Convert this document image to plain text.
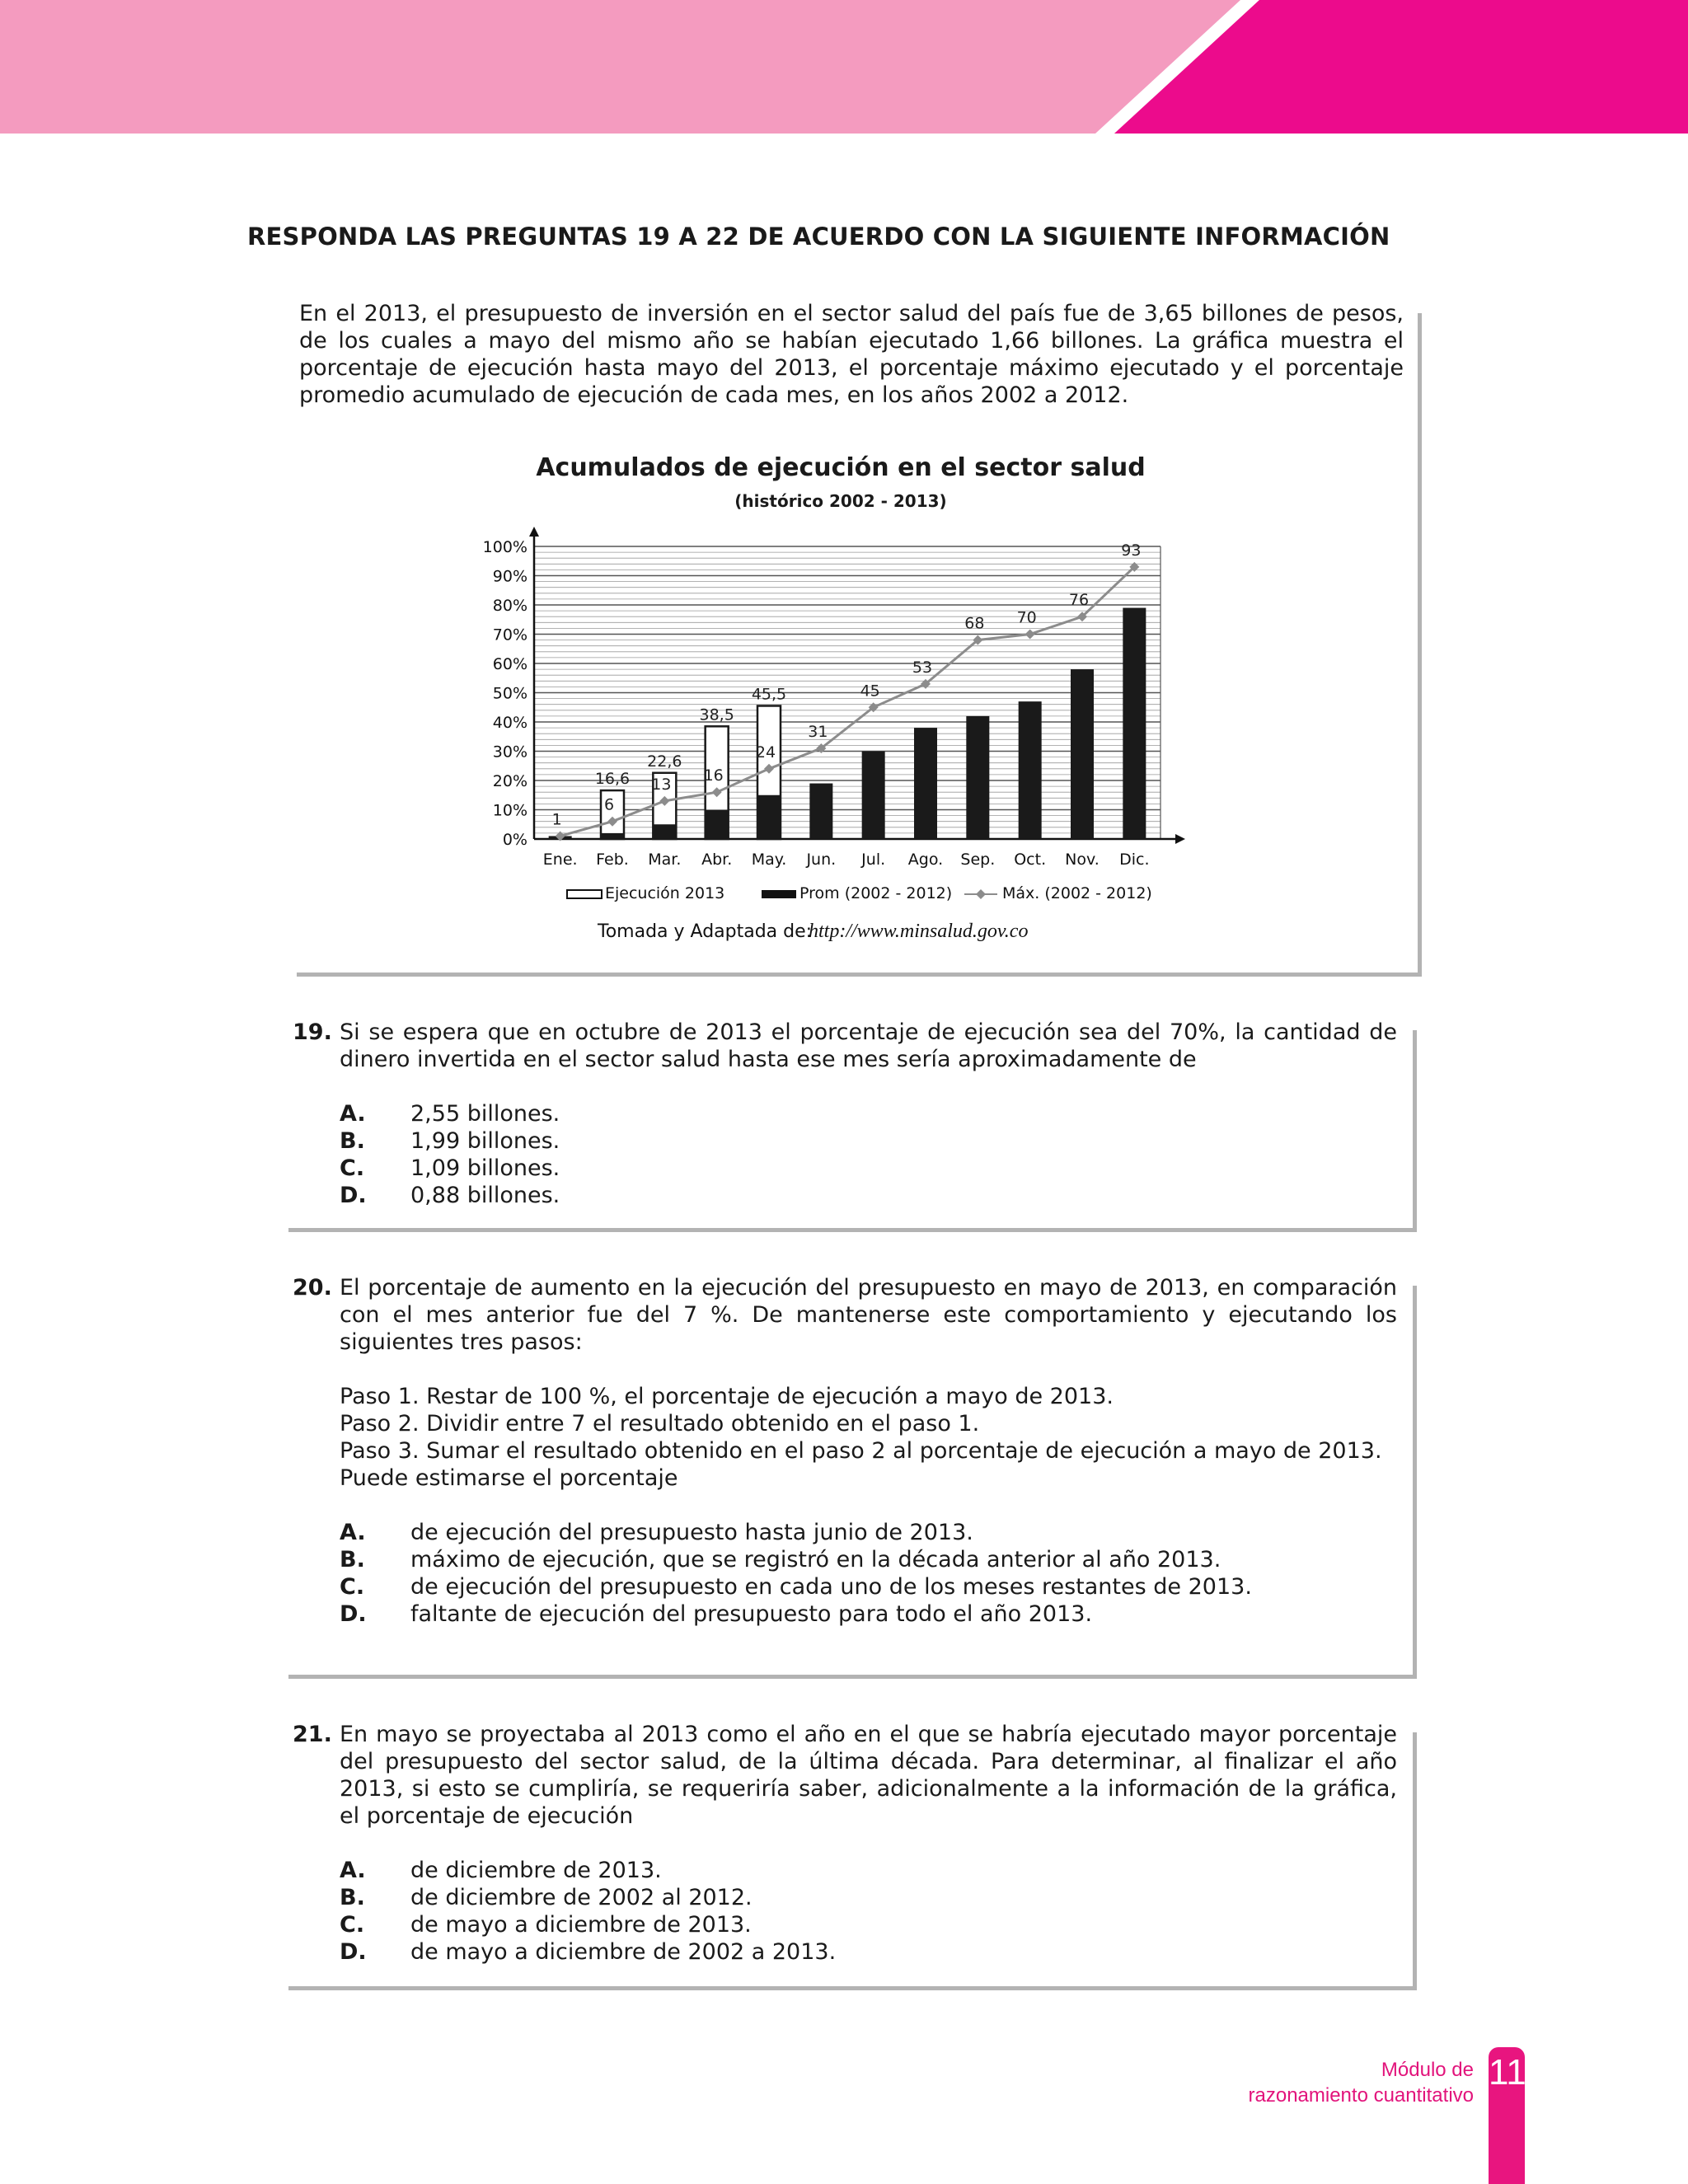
RESPONDA LAS PREGUNTAS 19 A 22 DE ACUERDO CON LA SIGUIENTE INFORMACIÓN
En el 2013, el presupuesto de inversión en el sector salud del país fue de 3,65 billones de pesos, de los cuales a mayo del mismo año se habían ejecutado 1,66 billones. La gráfica muestra el porcentaje de ejecución hasta mayo del 2013, el porcentaje máximo ejecutado y el porcentaje promedio acumulado de ejecución de cada mes, en los años 2002 a 2012.
Acumulados de ejecución en el sector salud
(histórico 2002 - 2013)
0%
10%
20%
30%
40%
50%
60%
70%
80%
90%
100%
Ene. Feb. Mar. Abr. May. Jun. Jul. Ago. Sep. Oct. Nov. Dic.
16,6
22,6
38,5
45,5
1
6
13 16
24
31
45
53
68 70
76
93
Ejecución 2013	Prom (2002 - 2012)	Máx. (2002 - 2012)
Tomada y Adaptada de:
http://www.minsalud.gov.co
19. Si se espera que en octubre de 2013 el porcentaje de ejecución sea del 70%, la cantidad de dinero invertida en el sector salud hasta ese mes sería aproximadamente de

A. 2,55 billones.
B. 1,99 billones.
C. 1,09 billones.
D. 0,88 billones.
20. El porcentaje de aumento en la ejecución del presupuesto en mayo de 2013, en comparación con el mes anterior fue del 7 %. De mantenerse este comportamiento y ejecutando los siguientes tres pasos:

Paso 1. Restar de 100 %, el porcentaje de ejecución a mayo de 2013.
Paso 2. Dividir entre 7 el resultado obtenido en el paso 1.
Paso 3. Sumar el resultado obtenido en el paso 2 al porcentaje de ejecución a mayo de 2013.

Puede estimarse el porcentaje

A. de ejecución del presupuesto hasta junio de 2013.
B. máximo de ejecución, que se registró en la década anterior al año 2013.
C. de ejecución del presupuesto en cada uno de los meses restantes de 2013.
D. faltante de ejecución del presupuesto para todo el año 2013.
21. En mayo se proyectaba al 2013 como el año en el que se habría ejecutado mayor porcentaje del presupuesto del sector salud, de la última década. Para determinar, al finalizar el año 2013, si esto se cumpliría, se requeriría saber, adicionalmente a la información de la gráfica, el porcentaje de ejecución

A. de diciembre de 2013.
B. de diciembre de 2002 al 2012.
C. de mayo a diciembre de 2013.
D. de mayo a diciembre de 2002 a 2013.
Módulo de
razonamiento cuantitativo
11
